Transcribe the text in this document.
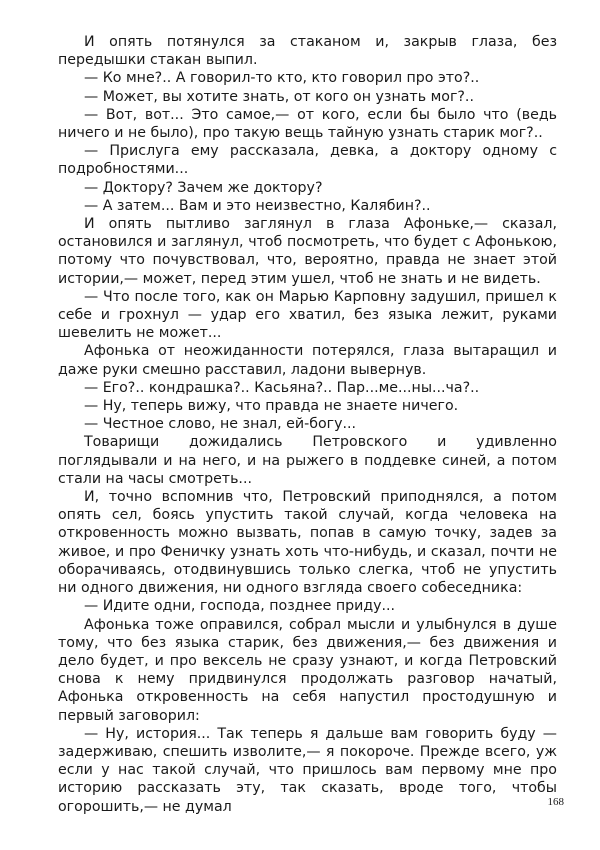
И опять потянулся за стаканом и, закрыв глаза, без передышки стакан выпил.

— Ко мне?.. А говорил-то кто, кто говорил про это?..

— Может, вы хотите знать, от кого он узнать мог?..

— Вот, вот... Это самое,— от кого, если бы было что (ведь ничего и не было), про такую вещь тайную узнать старик мог?..

— Прислуга ему рассказала, девка, а доктору одному с подробностями...

— Доктору? Зачем же доктору?

— А затем... Вам и это неизвестно, Калябин?..

И опять пытливо заглянул в глаза Афоньке,— сказал, остановился и заглянул, чтоб посмотреть, что будет с Афонькою, потому что почувствовал, что, вероятно, правда не знает этой истории,— может, перед этим ушел, чтоб не знать и не видеть.

— Что после того, как он Марью Карповну задушил, пришел к себе и грохнул — удар его хватил, без языка лежит, руками шевелить не может...

Афонька от неожиданности потерялся, глаза вытаращил и даже руки смешно расставил, ладони вывернув.

— Его?.. кондрашка?.. Касьяна?.. Пар...ме...ны...ча?..

— Ну, теперь вижу, что правда не знаете ничего.

— Честное слово, не знал, ей-богу...

Товарищи дожидались Петровского и удивленно поглядывали и на него, и на рыжего в поддевке синей, а потом стали на часы смотреть...

И, точно вспомнив что, Петровский приподнялся, а потом опять сел, боясь упустить такой случай, когда человека на откровенность можно вызвать, попав в самую точку, задев за живое, и про Феничку узнать хоть что-нибудь, и сказал, почти не оборачиваясь, отодвинувшись только слегка, чтоб не упустить ни одного движения, ни одного взгляда своего собеседника:

— Идите одни, господа, позднее приду...

Афонька тоже оправился, собрал мысли и улыбнулся в душе тому, что без языка старик, без движения,— без движения и дело будет, и про вексель не сразу узнают, и когда Петровский снова к нему придвинулся продолжать разговор начатый, Афонька откровенность на себя напустил простодушную и первый заговорил:

— Ну, история... Так теперь я дальше вам говорить буду — задерживаю, спешить изволите,— я покороче. Прежде всего, уж если у нас такой случай, что пришлось вам первому мне про историю рассказать эту, так сказать, вроде того, чтобы огорошить,— не думал	168
